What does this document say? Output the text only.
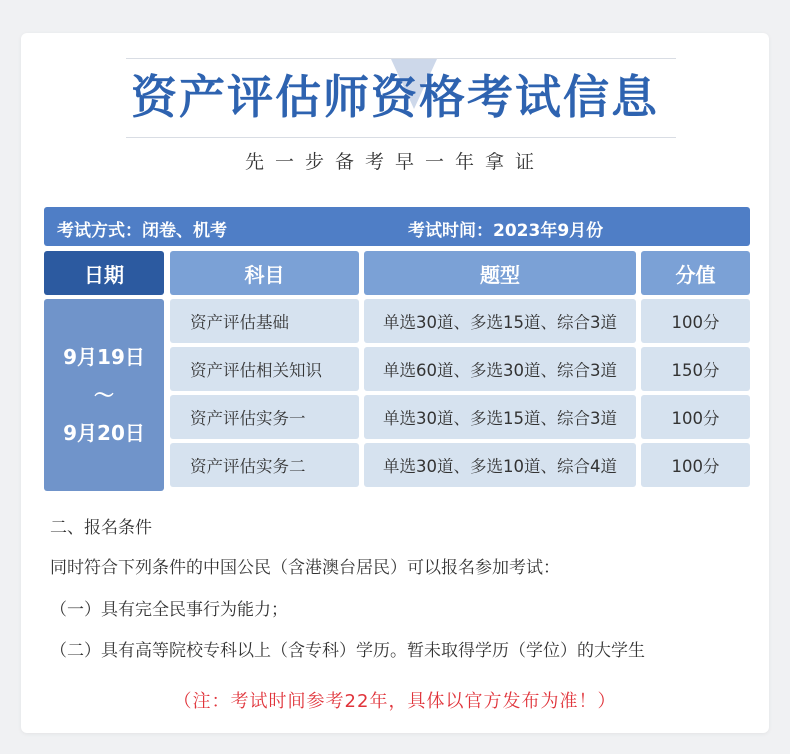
资产评估师资格考试信息
先一步备考早一年拿证
考试方式：闭卷、机考	考试时间：2023年9月份
日期	科目	题型	分值
9月19日
～
9月20日
资产评估基础	单选30道、多选15道、综合3道	100分
资产评估相关知识	单选60道、多选30道、综合3道	150分
资产评估实务一	单选30道、多选15道、综合3道	100分
资产评估实务二	单选30道、多选10道、综合4道	100分
二、报名条件
同时符合下列条件的中国公民（含港澳台居民）可以报名参加考试：
（一）具有完全民事行为能力；
（二）具有高等院校专科以上（含专科）学历。暂未取得学历（学位）的大学生
（注：考试时间参考22年，具体以官方发布为准！）
